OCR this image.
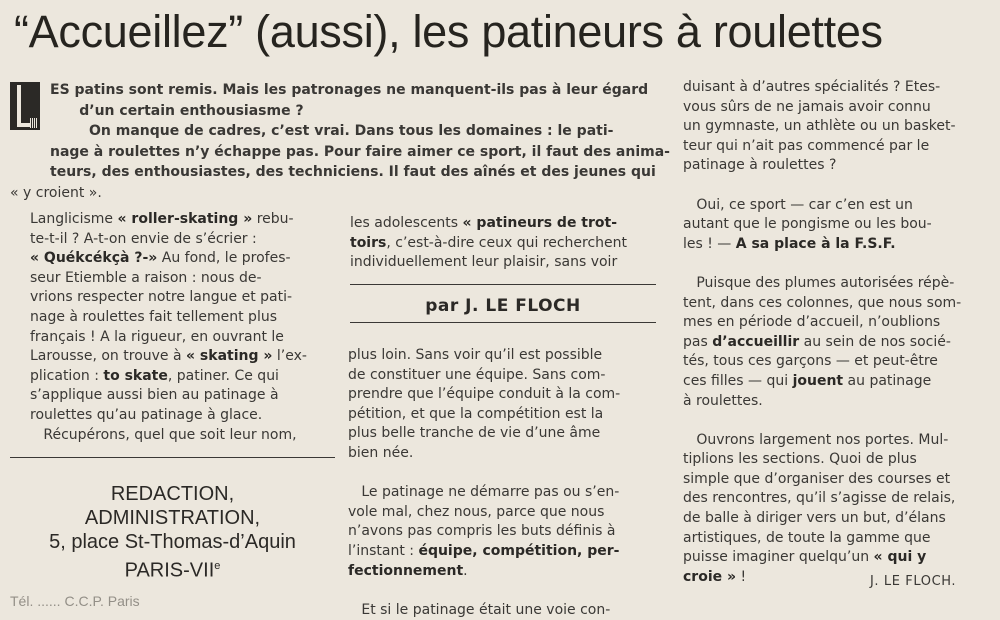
“Accueillez” (aussi), les patineurs à roulettes
ES patins sont remis. Mais les patronages ne manquent-ils pas à leur égard
d’un certain enthousiasme ?
On manque de cadres, c’est vrai. Dans tous les domaines : le pati-
nage à roulettes n’y échappe pas. Pour faire aimer ce sport, il faut des anima-
teurs, des enthousiastes, des techniciens. Il faut des aînés et des jeunes qui
« y croient ».
Langlicisme « roller-skating » rebu-
te-t-il ? A-t-on envie de s’écrier :
« Quékcékçà ?-» Au fond, le profes-
seur Etiemble a raison : nous de-
vrions respecter notre langue et pati-
nage à roulettes fait tellement plus
français ! A la rigueur, en ouvrant le
Larousse, on trouve à « skating » l’ex-
plication : to skate, patiner. Ce qui
s’applique aussi bien au patinage à
roulettes qu’au patinage à glace.
Récupérons, quel que soit leur nom,
REDACTION,
ADMINISTRATION,
5, place St-Thomas-d’Aquin
PARIS-VIIe
Tél. ...... C.C.P. Paris
les adolescents « patineurs de trot-
toirs, c’est-à-dire ceux qui recherchent
individuellement leur plaisir, sans voir
par J. LE FLOCH
plus loin. Sans voir qu’il est possible
de constituer une équipe. Sans com-
prendre que l’équipe conduit à la com-
pétition, et que la compétition est la
plus belle tranche de vie d’une âme
bien née.

Le patinage ne démarre pas ou s’en-
vole mal, chez nous, parce que nous
n’avons pas compris les buts définis à
l’instant : équipe, compétition, per-
fectionnement.

Et si le patinage était une voie con-
duisant à d’autres spécialités ? Etes-
vous sûrs de ne jamais avoir connu
un gymnaste, un athlète ou un basket-
teur qui n’ait pas commencé par le
patinage à roulettes ?

Oui, ce sport — car c’en est un
autant que le pongisme ou les bou-
les ! — A sa place à la F.S.F.

Puisque des plumes autorisées répè-
tent, dans ces colonnes, que nous som-
mes en période d’accueil, n’oublions
pas d’accueillir au sein de nos socié-
tés, tous ces garçons — et peut-être
ces filles — qui jouent au patinage
à roulettes.

Ouvrons largement nos portes. Mul-
tiplions les sections. Quoi de plus
simple que d’organiser des courses et
des rencontres, qu’il s’agisse de relais,
de balle à diriger vers un but, d’élans
artistiques, de toute la gamme que
puisse imaginer quelqu’un « qui y
croie » !	J. LE FLOCH.
